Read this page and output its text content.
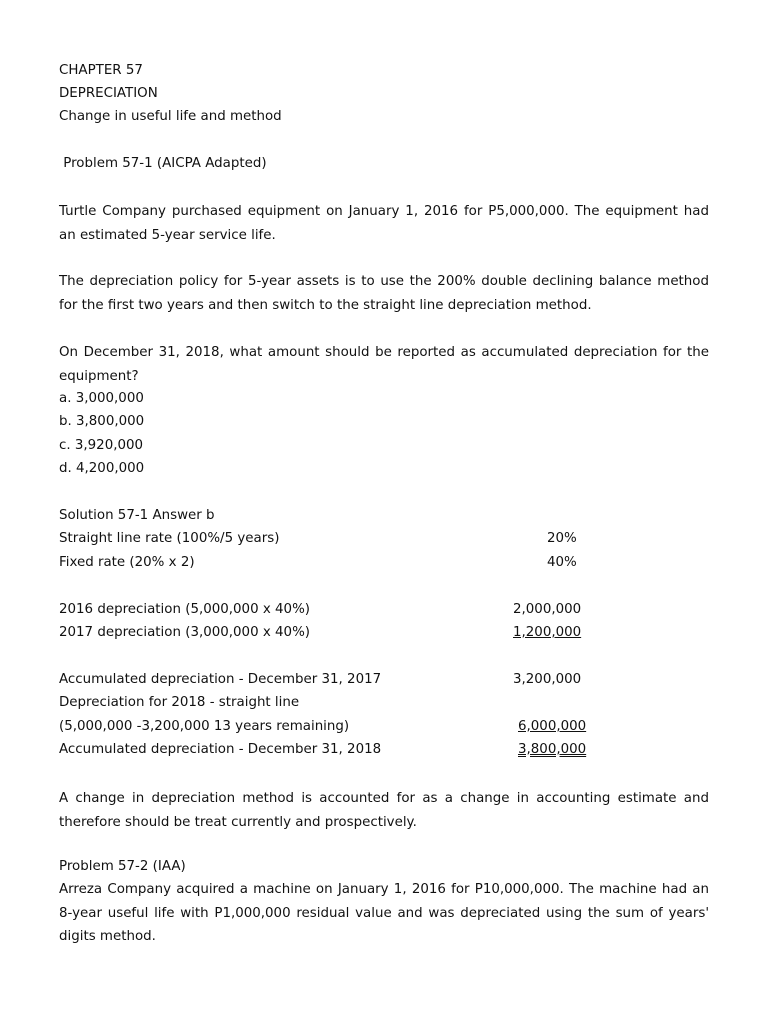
CHAPTER 57
DEPRECIATION
Change in useful life and method
Problem 57-1 (AICPA Adapted)
Turtle Company purchased equipment on January 1, 2016 for P5,000,000. The equipment had an estimated 5-year service life.
The depreciation policy for 5-year assets is to use the 200% double declining balance method for the first two years and then switch to the straight line depreciation method.
On December 31, 2018, what amount should be reported as accumulated depreciation for the equipment?
a. 3,000,000
b. 3,800,000
c. 3,920,000
d. 4,200,000
Solution 57-1 Answer b
Straight line rate (100%/5 years)	20%
Fixed rate (20% x 2)	40%
2016 depreciation (5,000,000 x 40%)	2,000,000
2017 depreciation (3,000,000 x 40%)	1,200,000
Accumulated depreciation - December 31, 2017	3,200,000
Depreciation for 2018 - straight line
(5,000,000 -3,200,000 13 years remaining)	6,000,000
Accumulated depreciation - December 31, 2018	3,800,000
A change in depreciation method is accounted for as a change in accounting estimate and therefore should be treat currently and prospectively.
Problem 57-2 (IAA)
Arreza Company acquired a machine on January 1, 2016 for P10,000,000. The machine had an 8-year useful life with P1,000,000 residual value and was depreciated using the sum of years' digits method.
